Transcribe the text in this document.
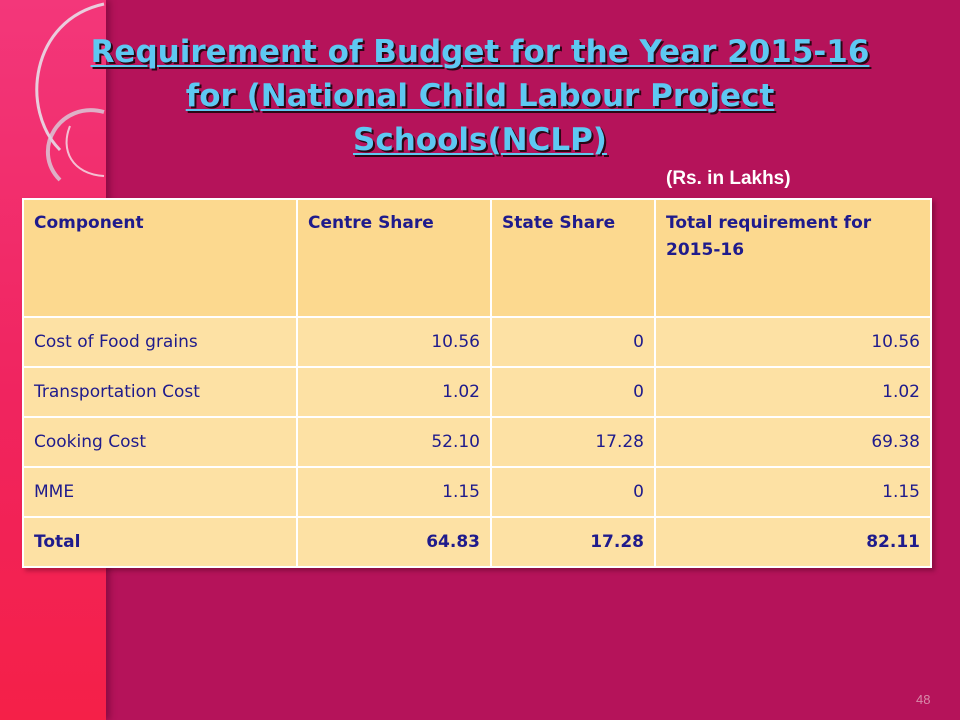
Requirement of Budget for the Year 2015-16
for (National Child Labour Project
Schools(NCLP)
(Rs. in Lakhs)
Component	Centre Share	State Share	Total requirement for 2015-16
Cost of Food grains	10.56	0	10.56
Transportation Cost	1.02	0	1.02
Cooking Cost	52.10	17.28	69.38
MME	1.15	0	1.15
Total	64.83	17.28	82.11
48
